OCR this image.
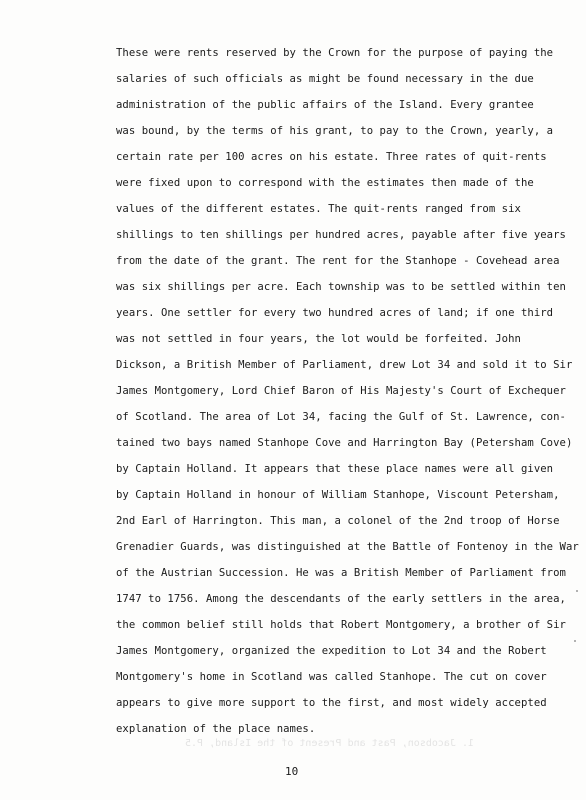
1. Jacobson, Past and Present of the Island, P.5
These were rents reserved by the Crown for the purpose of paying the
salaries of such officials as might be found necessary in the due
administration of the public affairs of the Island. Every grantee
was bound, by the terms of his grant, to pay to the Crown, yearly, a
certain rate per 100 acres on his estate. Three rates of quit-rents
were fixed upon to correspond with the estimates then made of the
values of the different estates. The quit-rents ranged from six
shillings to ten shillings per hundred acres, payable after five years
from the date of the grant. The rent for the Stanhope - Covehead area
was six shillings per acre. Each township was to be settled within ten
years. One settler for every two hundred acres of land; if one third
was not settled in four years, the lot would be forfeited. John
Dickson, a British Member of Parliament, drew Lot 34 and sold it to Sir
James Montgomery, Lord Chief Baron of His Majesty's Court of Exchequer
of Scotland. The area of Lot 34, facing the Gulf of St. Lawrence, con-
tained two bays named Stanhope Cove and Harrington Bay (Petersham Cove)
by Captain Holland. It appears that these place names were all given
by Captain Holland in honour of William Stanhope, Viscount Petersham,
2nd Earl of Harrington. This man, a colonel of the 2nd troop of Horse
Grenadier Guards, was distinguished at the Battle of Fontenoy in the War
of the Austrian Succession. He was a British Member of Parliament from
1747 to 1756. Among the descendants of the early settlers in the area,
the common belief still holds that Robert Montgomery, a brother of Sir
James Montgomery, organized the expedition to Lot 34 and the Robert
Montgomery's home in Scotland was called Stanhope. The cut on cover
appears to give more support to the first, and most widely accepted
explanation of the place names.
10
